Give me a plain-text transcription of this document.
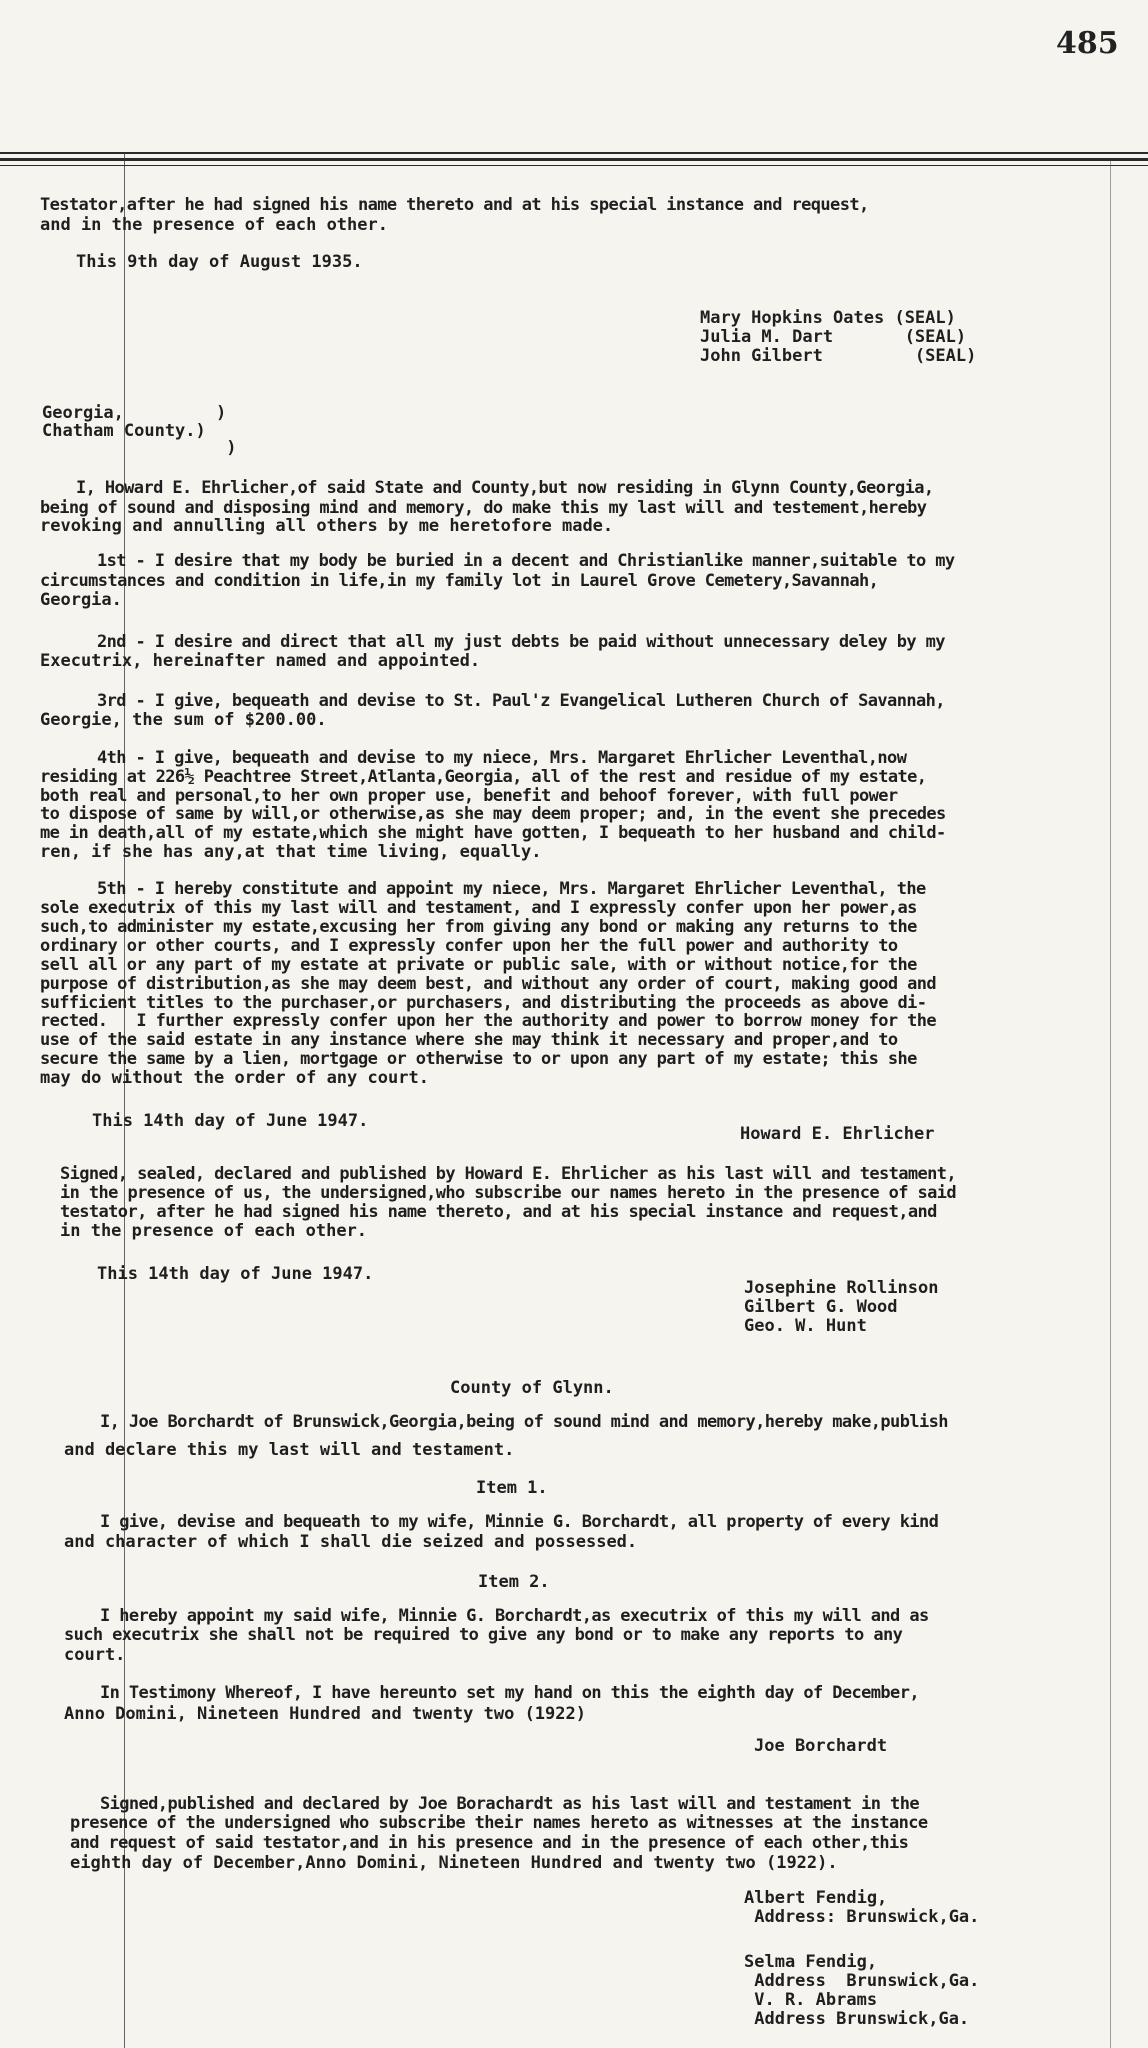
485
Testator,after he had signed his name thereto and at his special instance and request,
and in the presence of each other.
This 9th day of August 1935.
Mary Hopkins Oates (SEAL)
Julia M. Dart       (SEAL)
John Gilbert         (SEAL)
Georgia,         )
Chatham County.)
)
I, Howard E. Ehrlicher,of said State and County,but now residing in Glynn County,Georgia,
being of sound and disposing mind and memory, do make this my last will and testement,hereby
revoking and annulling all others by me heretofore made.
1st - I desire that my body be buried in a decent and Christianlike manner,suitable to my
circumstances and condition in life,in my family lot in Laurel Grove Cemetery,Savannah,
Georgia.
2nd - I desire and direct that all my just debts be paid without unnecessary deley by my
Executrix, hereinafter named and appointed.
3rd - I give, bequeath and devise to St. Paul'z Evangelical Lutheren Church of Savannah,
Georgie, the sum of $200.00.
4th - I give, bequeath and devise to my niece, Mrs. Margaret Ehrlicher Leventhal,now
residing at 226½ Peachtree Street,Atlanta,Georgia, all of the rest and residue of my estate,
both real and personal,to her own proper use, benefit and behoof forever, with full power
to dispose of same by will,or otherwise,as she may deem proper; and, in the event she precedes
me in death,all of my estate,which she might have gotten, I bequeath to her husband and child-
ren, if she has any,at that time living, equally.
5th - I hereby constitute and appoint my niece, Mrs. Margaret Ehrlicher Leventhal, the
sole executrix of this my last will and testament, and I expressly confer upon her power,as
such,to administer my estate,excusing her from giving any bond or making any returns to the
ordinary or other courts, and I expressly confer upon her the full power and authority to
sell all or any part of my estate at private or public sale, with or without notice,for the
purpose of distribution,as she may deem best, and without any order of court, making good and
sufficient titles to the purchaser,or purchasers, and distributing the proceeds as above di-
rected.   I further expressly confer upon her the authority and power to borrow money for the
use of the said estate in any instance where she may think it necessary and proper,and to
secure the same by a lien, mortgage or otherwise to or upon any part of my estate; this she
may do without the order of any court.
This 14th day of June 1947.
Howard E. Ehrlicher
Signed, sealed, declared and published by Howard E. Ehrlicher as his last will and testament,
in the presence of us, the undersigned,who subscribe our names hereto in the presence of said
testator, after he had signed his name thereto, and at his special instance and request,and
in the presence of each other.
This 14th day of June 1947.
Josephine Rollinson
Gilbert G. Wood
Geo. W. Hunt
County of Glynn.
I, Joe Borchardt of Brunswick,Georgia,being of sound mind and memory,hereby make,publish
and declare this my last will and testament.
Item 1.
I give, devise and bequeath to my wife, Minnie G. Borchardt, all property of every kind
and character of which I shall die seized and possessed.
Item 2.
I hereby appoint my said wife, Minnie G. Borchardt,as executrix of this my will and as
such executrix she shall not be required to give any bond or to make any reports to any
court.
In Testimony Whereof, I have hereunto set my hand on this the eighth day of December,
Anno Domini, Nineteen Hundred and twenty two (1922)
Joe Borchardt
Signed,published and declared by Joe Borachardt as his last will and testament in the
presence of the undersigned who subscribe their names hereto as witnesses at the instance
and request of said testator,and in his presence and in the presence of each other,this
eighth day of December,Anno Domini, Nineteen Hundred and twenty two (1922).
Albert Fendig,
Address: Brunswick,Ga.
Selma Fendig,
Address  Brunswick,Ga.
V. R. Abrams
Address Brunswick,Ga.
